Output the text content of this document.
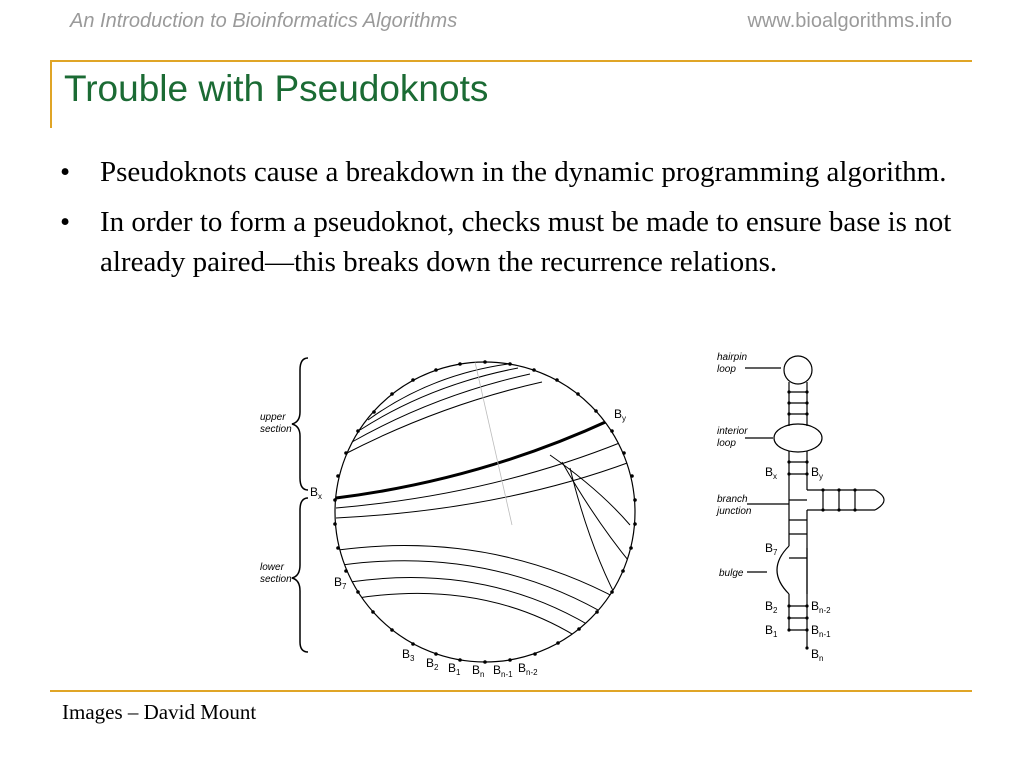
An Introduction to Bioinformatics Algorithms	www.bioalgorithms.info
Trouble with Pseudoknots
• Pseudoknots cause a breakdown in the dynamic programming algorithm.
• In order to form a pseudoknot, checks must be made to ensure base is not already paired—this breaks down the recurrence relations.
upper
section
lower
section
$B_x$
$B_y$
$B_7$
$B_3$ $B_2$ $B_1$ $B_n$ $B_{n-1}$ $B_{n-2}$
hairpin
loop
interior
loop
branch
junction
bulge
$B_x$	$B_y$
$B_7$
$B_2$	$B_{n-2}$
$B_1$	$B_{n-1}$
$B_n$
Images – David Mount
